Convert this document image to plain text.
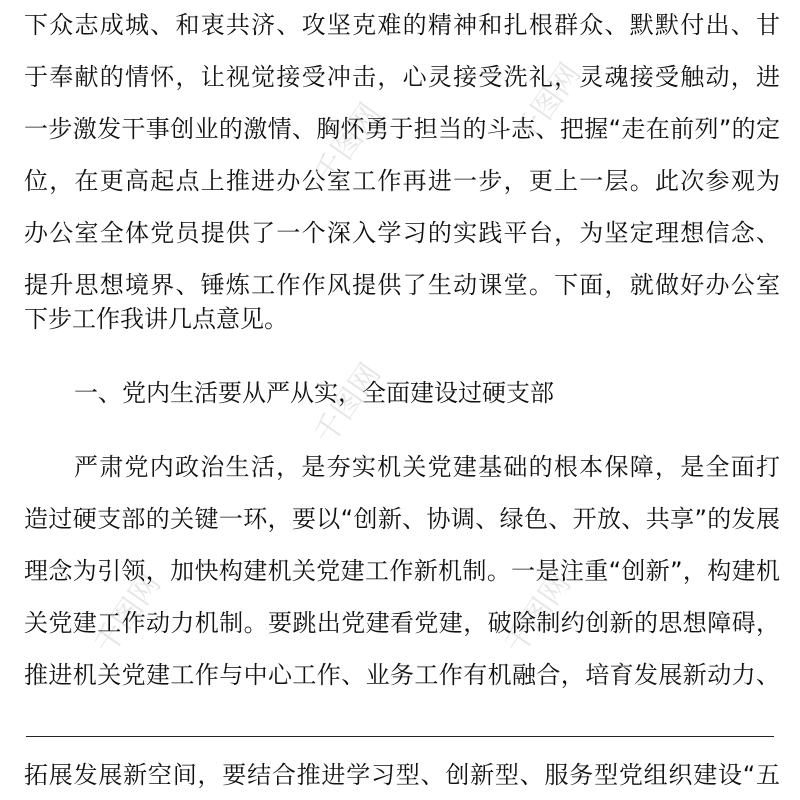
千图网	千图网
千图网
千图网	千图网
下众志成城、和衷共济、攻坚克难的精神和扎根群众、默默付出、甘
于奉献的情怀，让视觉接受冲击，心灵接受洗礼，灵魂接受触动，进
一步激发干事创业的激情、胸怀勇于担当的斗志、把握“走在前列”的定
位，在更高起点上推进办公室工作再进一步，更上一层。此次参观为
办公室全体党员提供了一个深入学习的实践平台，为坚定理想信念、
提升思想境界、锤炼工作作风提供了生动课堂。下面，就做好办公室
下步工作我讲几点意见。
一、党内生活要从严从实，全面建设过硬支部
严肃党内政治生活，是夯实机关党建基础的根本保障，是全面打
造过硬支部的关键一环，要以“创新、协调、绿色、开放、共享”的发展
理念为引领，加快构建机关党建工作新机制。一是注重“创新”，构建机
关党建工作动力机制。要跳出党建看党建，破除制约创新的思想障碍，
推进机关党建工作与中心工作、业务工作有机融合，培育发展新动力、
拓展发展新空间，要结合推进学习型、创新型、服务型党组织建设“五
